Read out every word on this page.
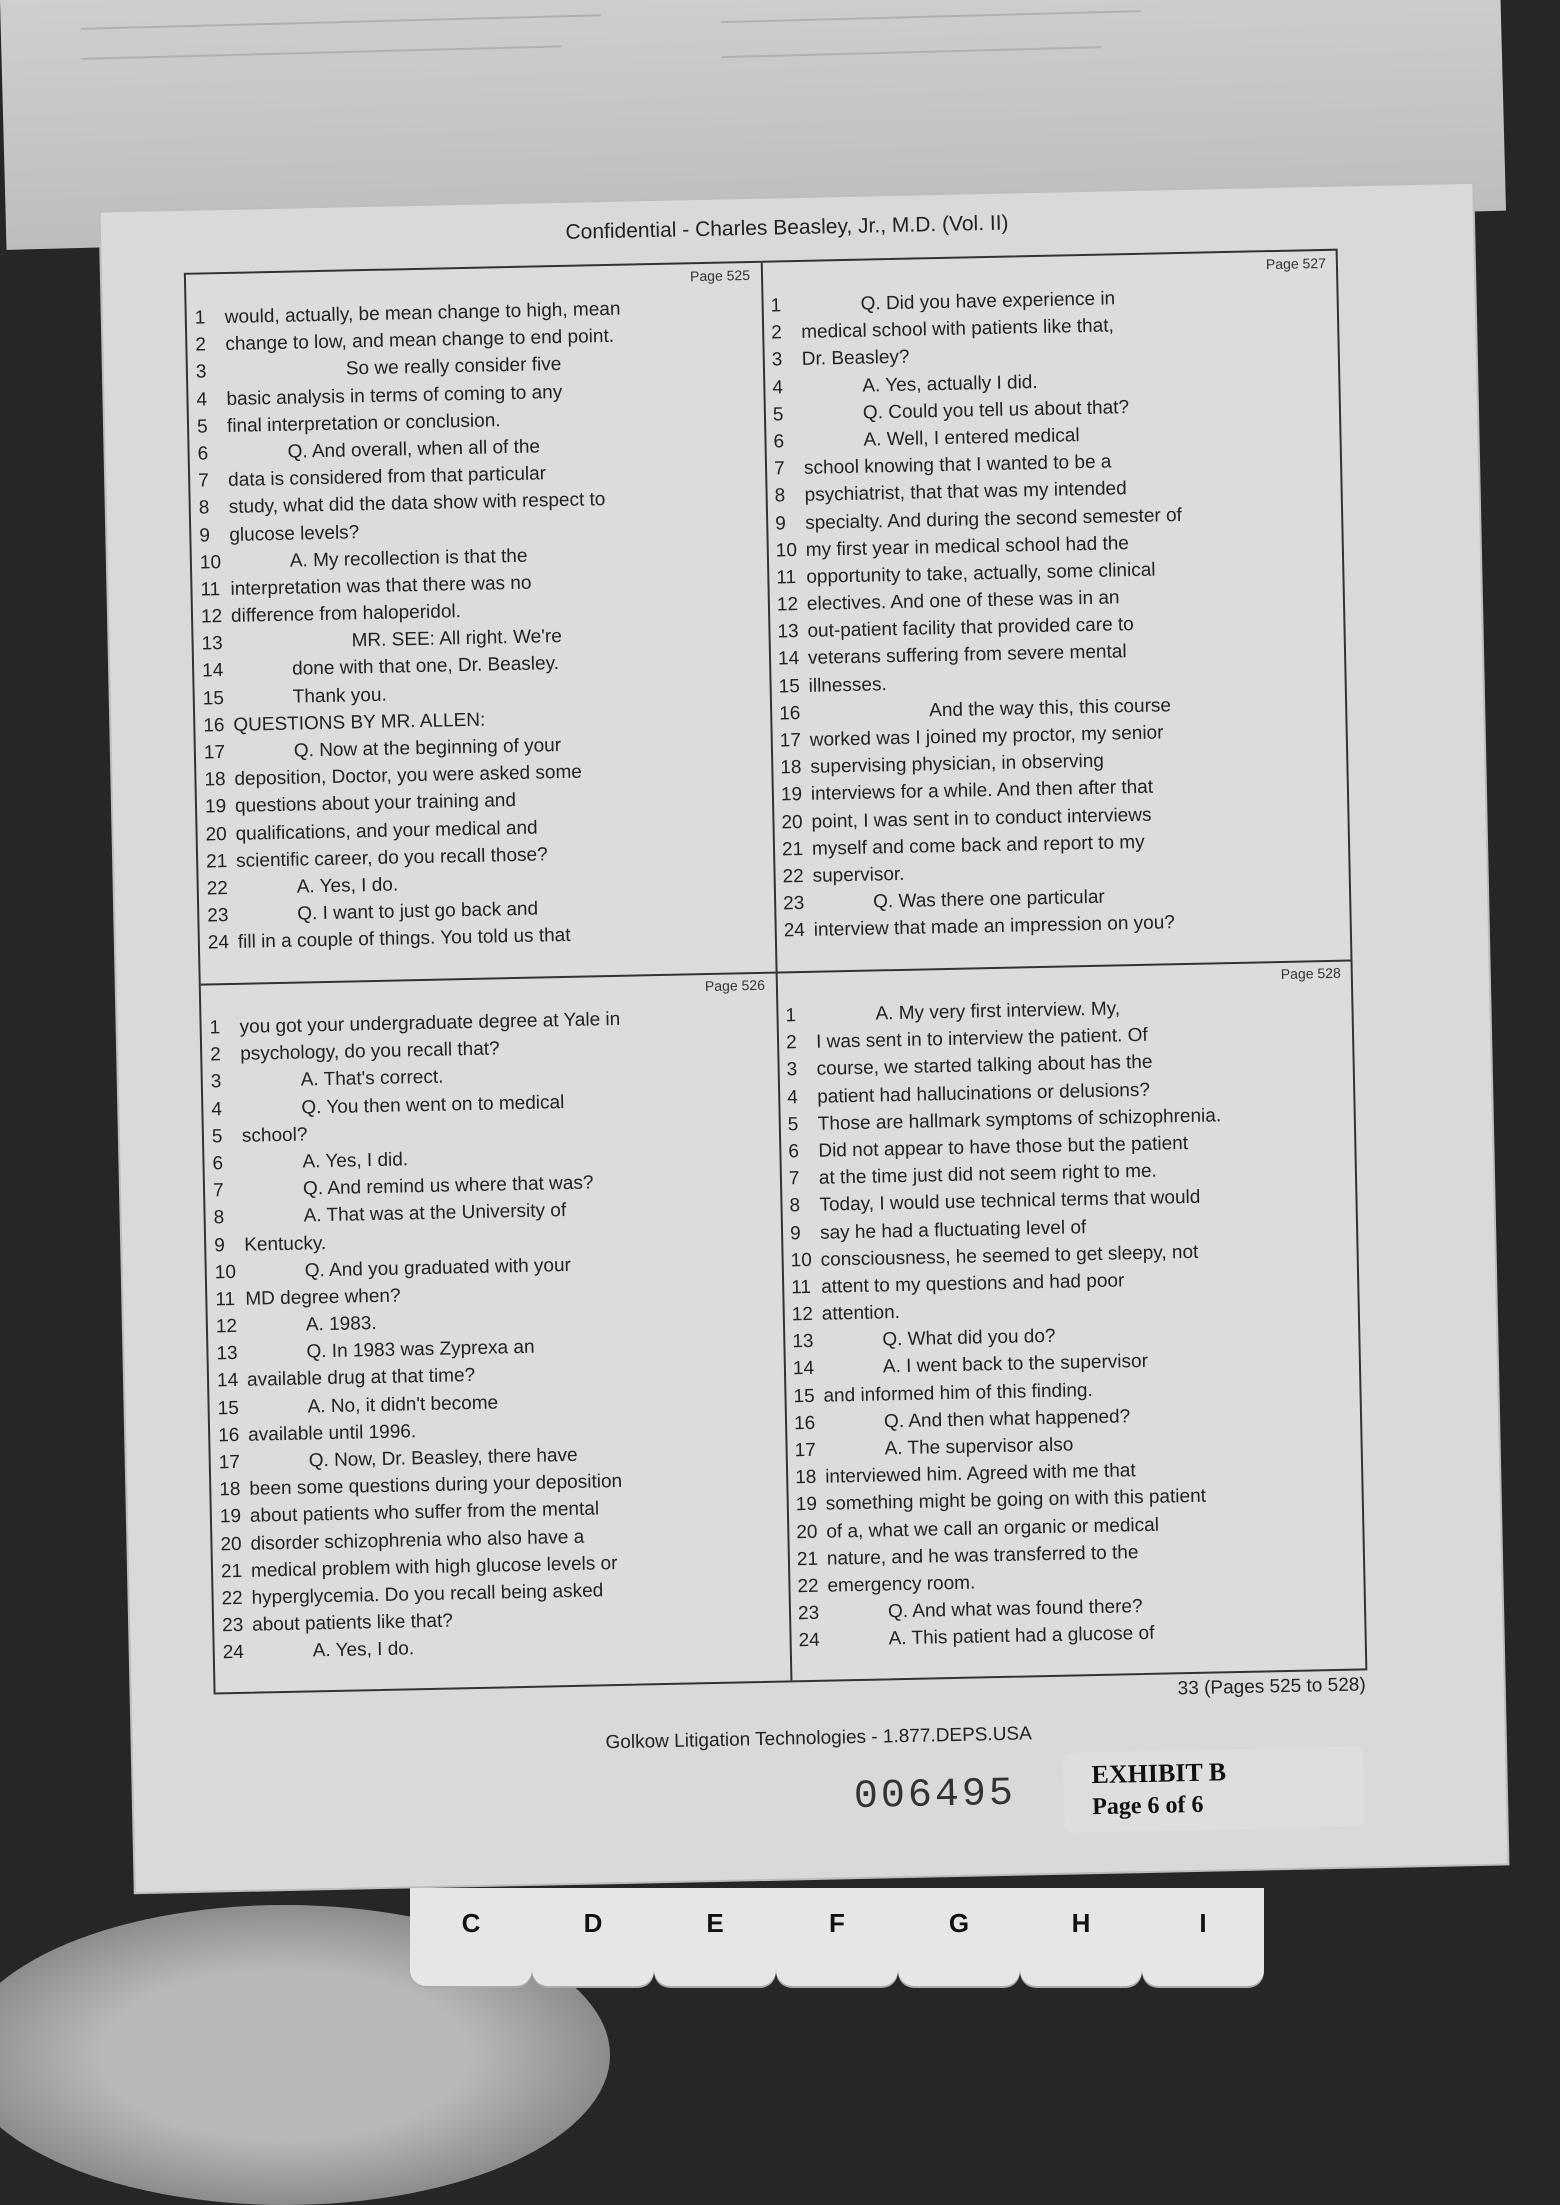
Confidential - Charles Beasley, Jr., M.D. (Vol. II)
Page 525
1 would, actually, be mean change to high, mean
2 change to low, and mean change to end point.
3	So we really consider five
4 basic analysis in terms of coming to any
5 final interpretation or conclusion.
6	Q. And overall, when all of the
7 data is considered from that particular
8 study, what did the data show with respect to
9 glucose levels?
10	A. My recollection is that the
11 interpretation was that there was no
12 difference from haloperidol.
13	MR. SEE: All right. We're
14	done with that one, Dr. Beasley.
15	Thank you.
16 QUESTIONS BY MR. ALLEN:
17	Q. Now at the beginning of your
18 deposition, Doctor, you were asked some
19 questions about your training and
20 qualifications, and your medical and
21 scientific career, do you recall those?
22	A. Yes, I do.
23	Q. I want to just go back and
24 fill in a couple of things. You told us that
Page 527
1	Q. Did you have experience in
2 medical school with patients like that,
3 Dr. Beasley?
4	A. Yes, actually I did.
5	Q. Could you tell us about that?
6	A. Well, I entered medical
7 school knowing that I wanted to be a
8 psychiatrist, that that was my intended
9 specialty. And during the second semester of
10 my first year in medical school had the
11 opportunity to take, actually, some clinical
12 electives. And one of these was in an
13 out-patient facility that provided care to
14 veterans suffering from severe mental
15 illnesses.
16	And the way this, this course
17 worked was I joined my proctor, my senior
18 supervising physician, in observing
19 interviews for a while. And then after that
20 point, I was sent in to conduct interviews
21 myself and come back and report to my
22 supervisor.
23	Q. Was there one particular
24 interview that made an impression on you?
Page 526
1 you got your undergraduate degree at Yale in
2 psychology, do you recall that?
3	A. That's correct.
4	Q. You then went on to medical
5 school?
6	A. Yes, I did.
7	Q. And remind us where that was?
8	A. That was at the University of
9 Kentucky.
10	Q. And you graduated with your
11 MD degree when?
12	A. 1983.
13	Q. In 1983 was Zyprexa an
14 available drug at that time?
15	A. No, it didn't become
16 available until 1996.
17	Q. Now, Dr. Beasley, there have
18 been some questions during your deposition
19 about patients who suffer from the mental
20 disorder schizophrenia who also have a
21 medical problem with high glucose levels or
22 hyperglycemia. Do you recall being asked
23 about patients like that?
24	A. Yes, I do.
Page 528
1	A. My very first interview. My,
2 I was sent in to interview the patient. Of
3 course, we started talking about has the
4 patient had hallucinations or delusions?
5 Those are hallmark symptoms of schizophrenia.
6 Did not appear to have those but the patient
7 at the time just did not seem right to me.
8 Today, I would use technical terms that would
9 say he had a fluctuating level of
10 consciousness, he seemed to get sleepy, not
11 attent to my questions and had poor
12 attention.
13	Q. What did you do?
14	A. I went back to the supervisor
15 and informed him of this finding.
16	Q. And then what happened?
17	A. The supervisor also
18 interviewed him. Agreed with me that
19 something might be going on with this patient
20 of a, what we call an organic or medical
21 nature, and he was transferred to the
22 emergency room.
23	Q. And what was found there?
24	A. This patient had a glucose of
33 (Pages 525 to 528)
Golkow Litigation Technologies - 1.877.DEPS.USA
006495	EXHIBIT B
Page 6 of 6
C	D	E	F	G	H	I
